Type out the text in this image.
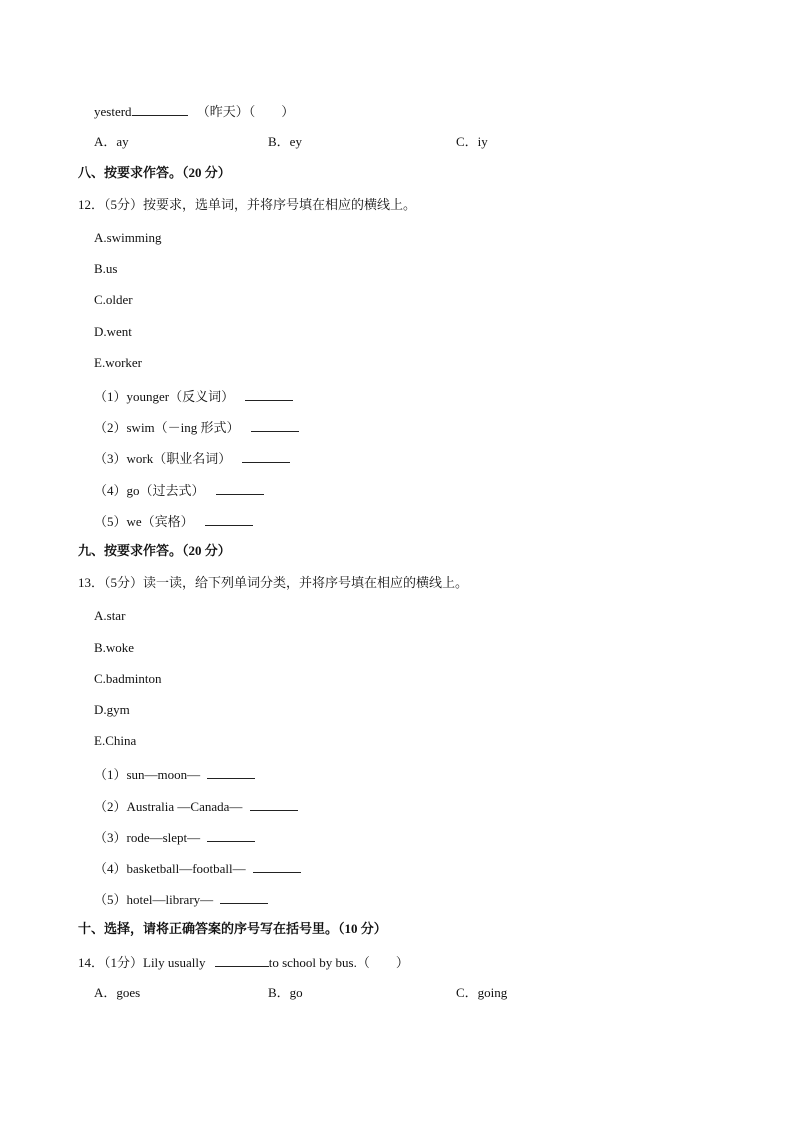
yesterd	（昨天）（　　）
A．ay	B．ey	C．iy
八、按要求作答。（20 分）
12．（5分）按要求，选单词，并将序号填在相应的横线上。
A.swimming
B.us
C.older
D.went
E.worker
（1）younger（反义词）
（2）swim（－ing 形式）
（3）work（职业名词）
（4）go（过去式）
（5）we（宾格）
九、按要求作答。（20 分）
13．（5分）读一读，给下列单词分类，并将序号填在相应的横线上。
A.star
B.woke
C.badminton
D.gym
E.China
（1）sun—moon—
（2）Australia —Canada—
（3）rode—slept—
（4）basketball—football—
（5）hotel—library—
十、选择，请将正确答案的序号写在括号里。（10 分）
14．（1分）Lily usually	to school by bus.（　　）
A．goes	B．go	C．going
